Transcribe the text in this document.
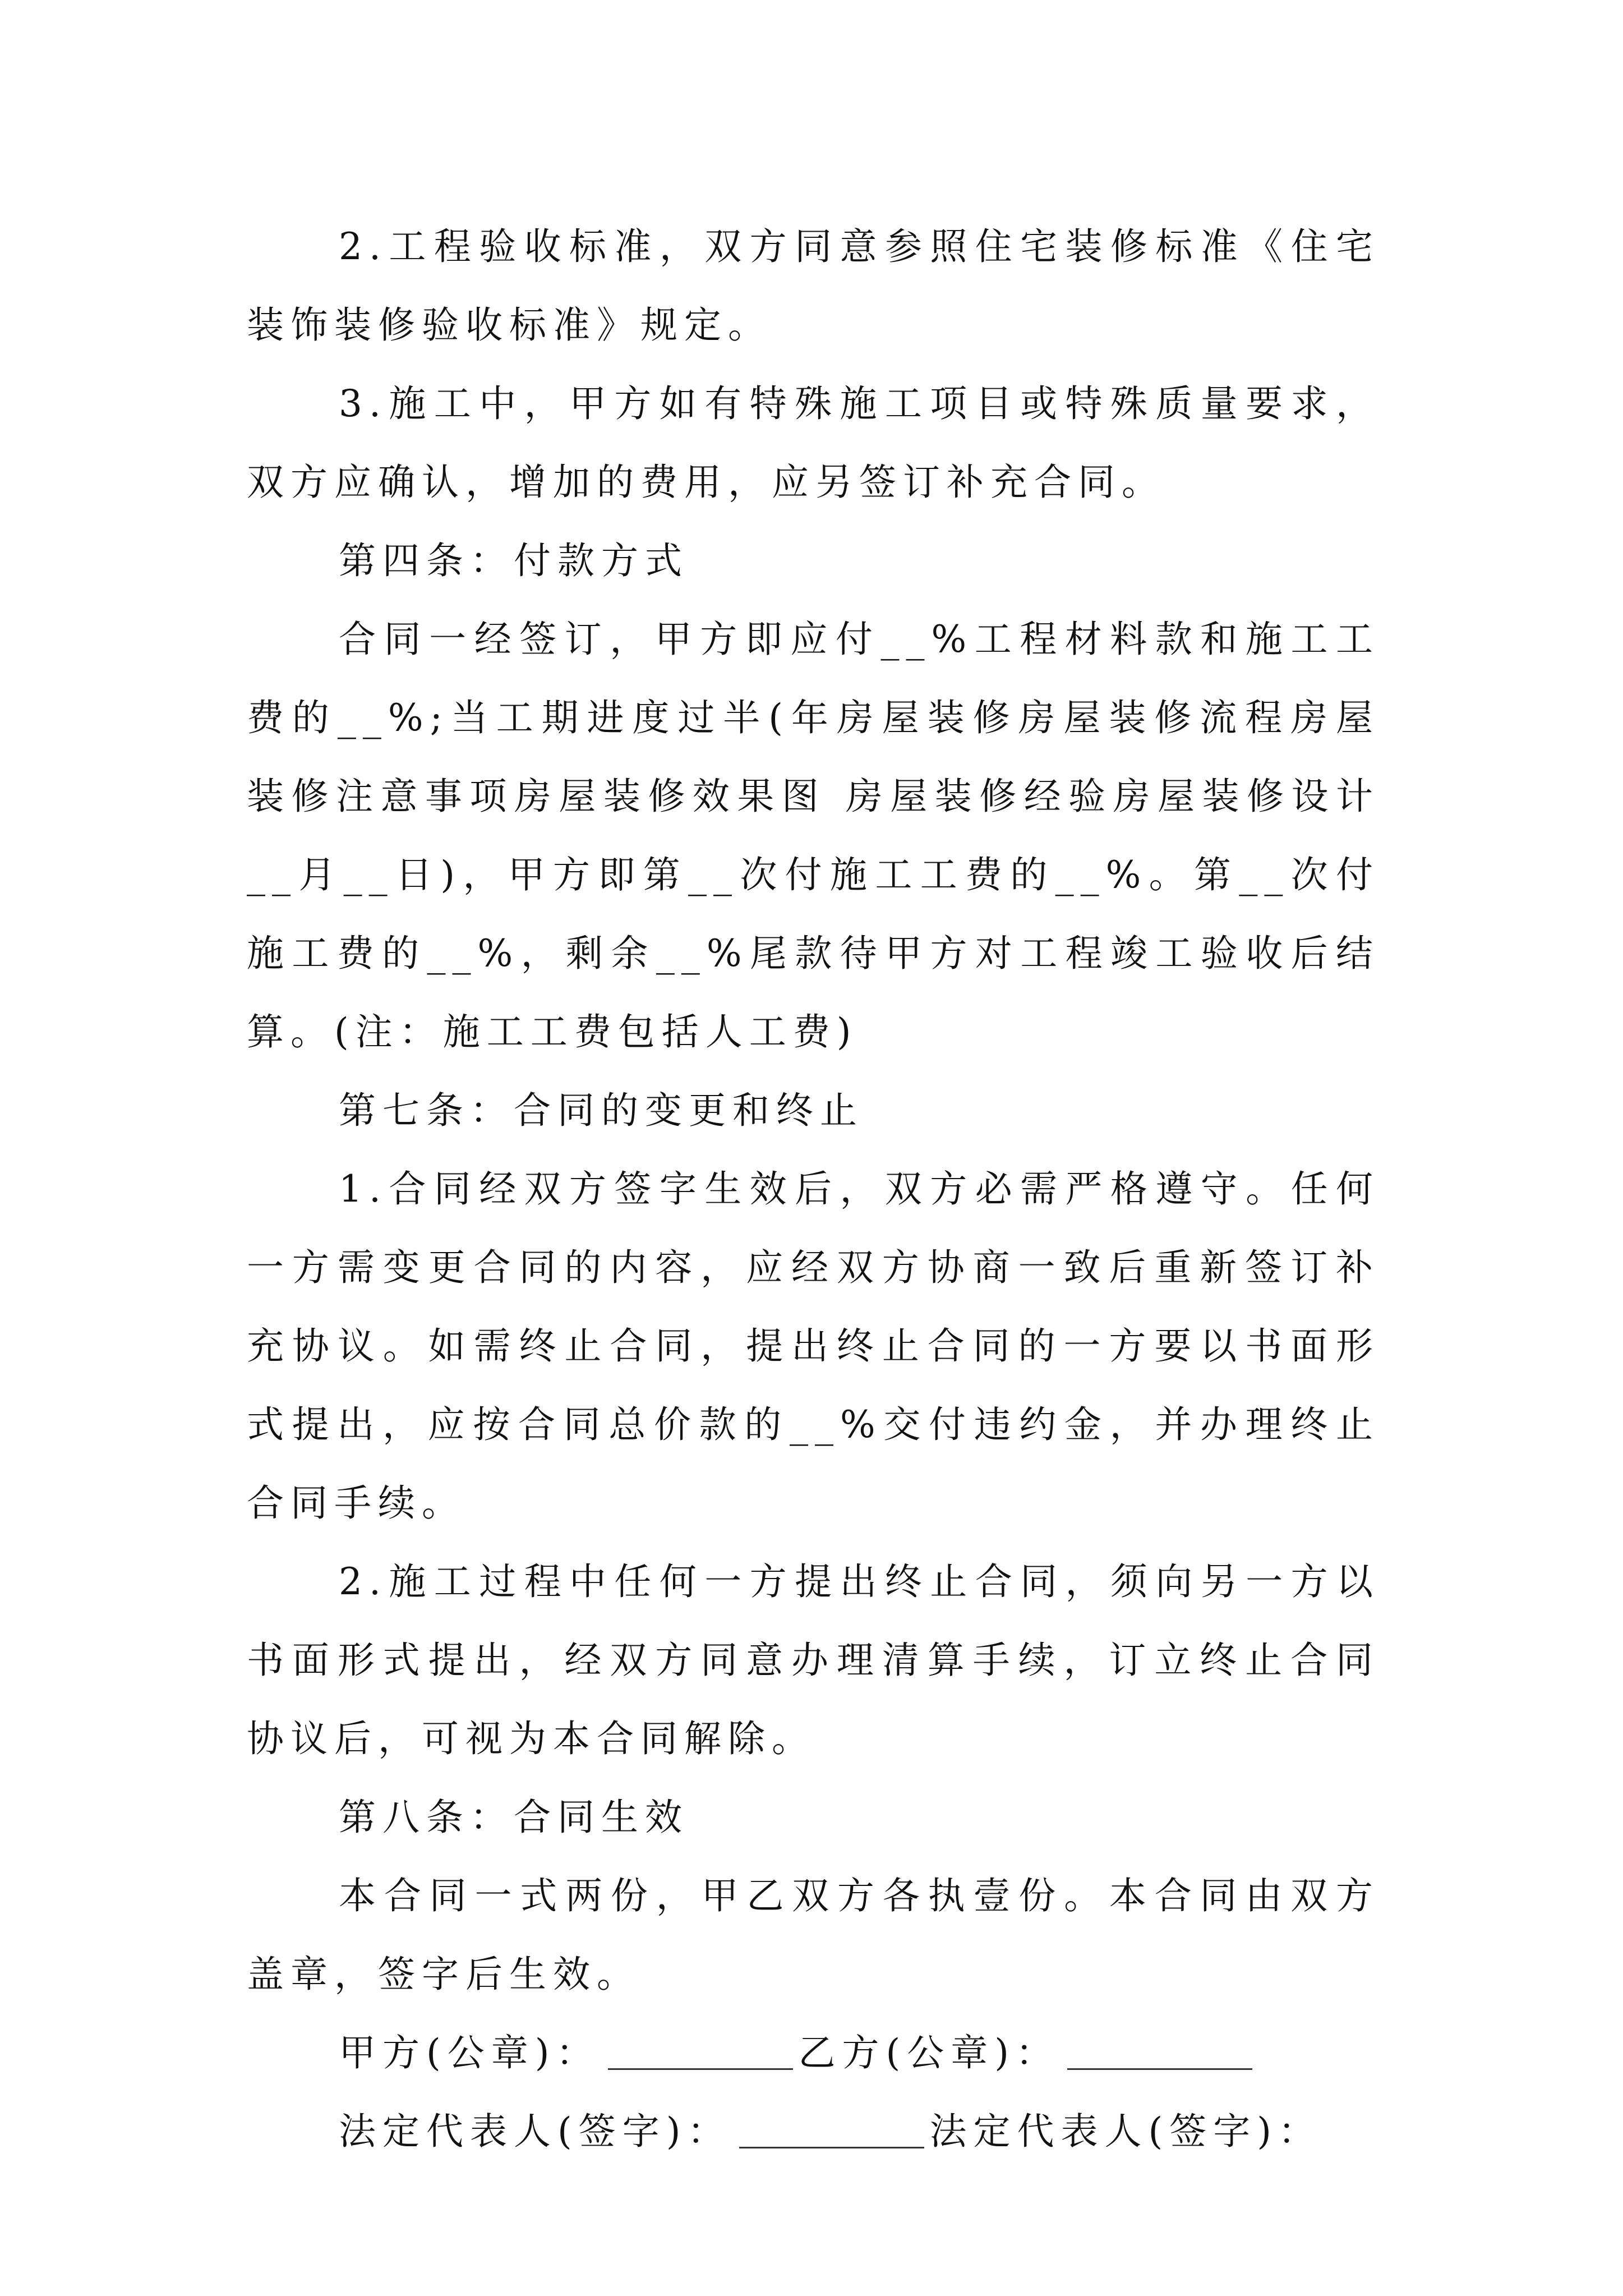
2.工程验收标准，双方同意参照住宅装修标准《住宅装饰装修验收标准》规定。

3.施工中，甲方如有特殊施工项目或特殊质量要求，双方应确认，增加的费用，应另签订补充合同。

第四条：付款方式

合同一经签订，甲方即应付__%工程材料款和施工工费的__%;当工期进度过半(年房屋装修房屋装修流程房屋装修注意事项房屋装修效果图 房屋装修经验房屋装修设计__月__日)，甲方即第__次付施工工费的__%。第__次付施工费的__%，剩余__%尾款待甲方对工程竣工验收后结算。(注：施工工费包括人工费)

第七条：合同的变更和终止

1.合同经双方签字生效后，双方必需严格遵守。任何一方需变更合同的内容，应经双方协商一致后重新签订补充协议。如需终止合同，提出终止合同的一方要以书面形式提出，应按合同总价款的__%交付违约金，并办理终止合同手续。

2.施工过程中任何一方提出终止合同，须向另一方以书面形式提出，经双方同意办理清算手续，订立终止合同协议后，可视为本合同解除。

第八条：合同生效

本合同一式两份，甲乙双方各执壹份。本合同由双方盖章，签字后生效。

甲方(公章)：	乙方(公章)：
法定代表人(签字)：	法定代表人(签字)：
